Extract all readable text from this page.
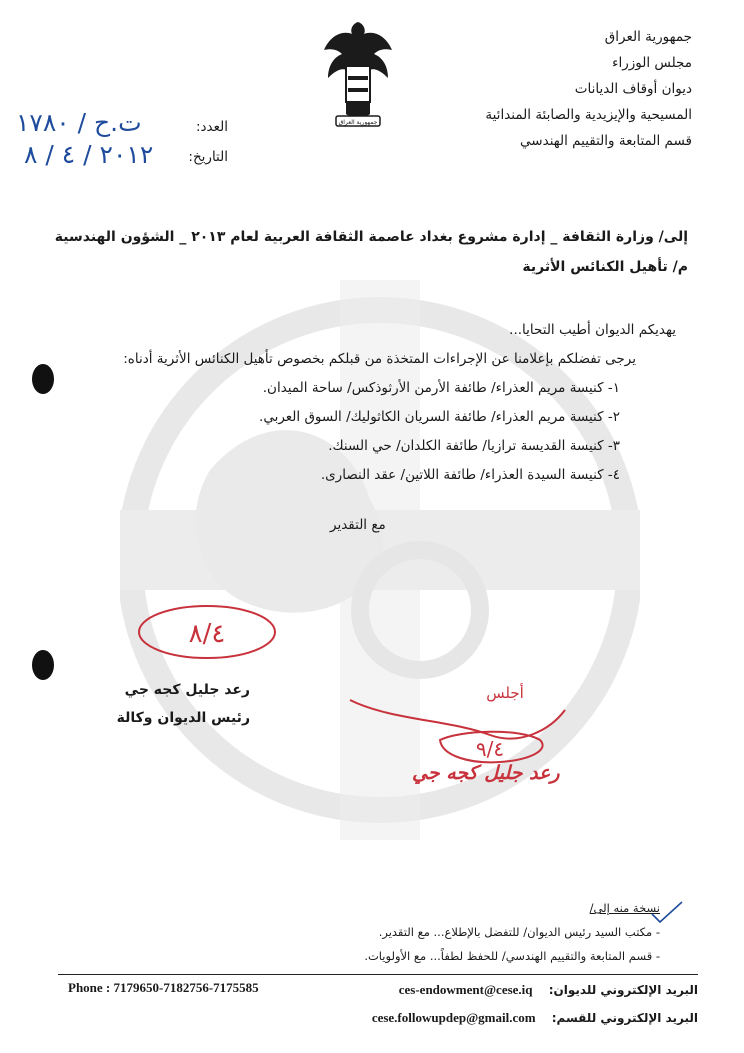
جمهورية العراق
مجلس الوزراء
ديوان أوقاف الديانات
المسيحية والإيزيدية والصابئة المندائية
قسم المتابعة والتقييم الهندسي
جمهورية العراق
العدد:
التاريخ:
ت.ح / ١٧٨٠
٢٠١٢ / ٤ / ٨
إلى/ وزارة الثقافة _ إدارة مشروع بغداد عاصمة الثقافة العربية لعام ٢٠١٣ _ الشؤون الهندسية
م/ تأهيل الكنائس الأثرية
يهديكم الديوان أطيب التحايا...
يرجى تفضلكم بإعلامنا عن الإجراءات المتخذة من قبلكم بخصوص تأهيل الكنائس الأثرية أدناه:
١- كنيسة مريم العذراء/ طائفة الأرمن الأرثوذكس/ ساحة الميدان.
٢- كنيسة مريم العذراء/ طائفة السريان الكاثوليك/ السوق العربي.
٣- كنيسة القديسة ترازيا/ طائفة الكلدان/ حي السنك.
٤- كنيسة السيدة العذراء/ طائفة اللاتين/ عقد النصارى.
مع التقدير
٨/٤
رعد جليل كجه جي
رئيس الديوان وكالة
٩/٤
أجلس
رعد جليل كجه جي
نسخة منه إلى/
- مكتب السيد رئيس الديوان/ للتفضل بالإطلاع... مع التقدير.
- قسم المتابعة والتقييم الهندسي/ للحفظ لطفاً... مع الأولويات.
Phone : 7179650-7182756-7175585	البريد الإلكتروني للديوان: ces-endowment@cese.iq
البريد الإلكتروني للقسم: cese.followupdep@gmail.com
